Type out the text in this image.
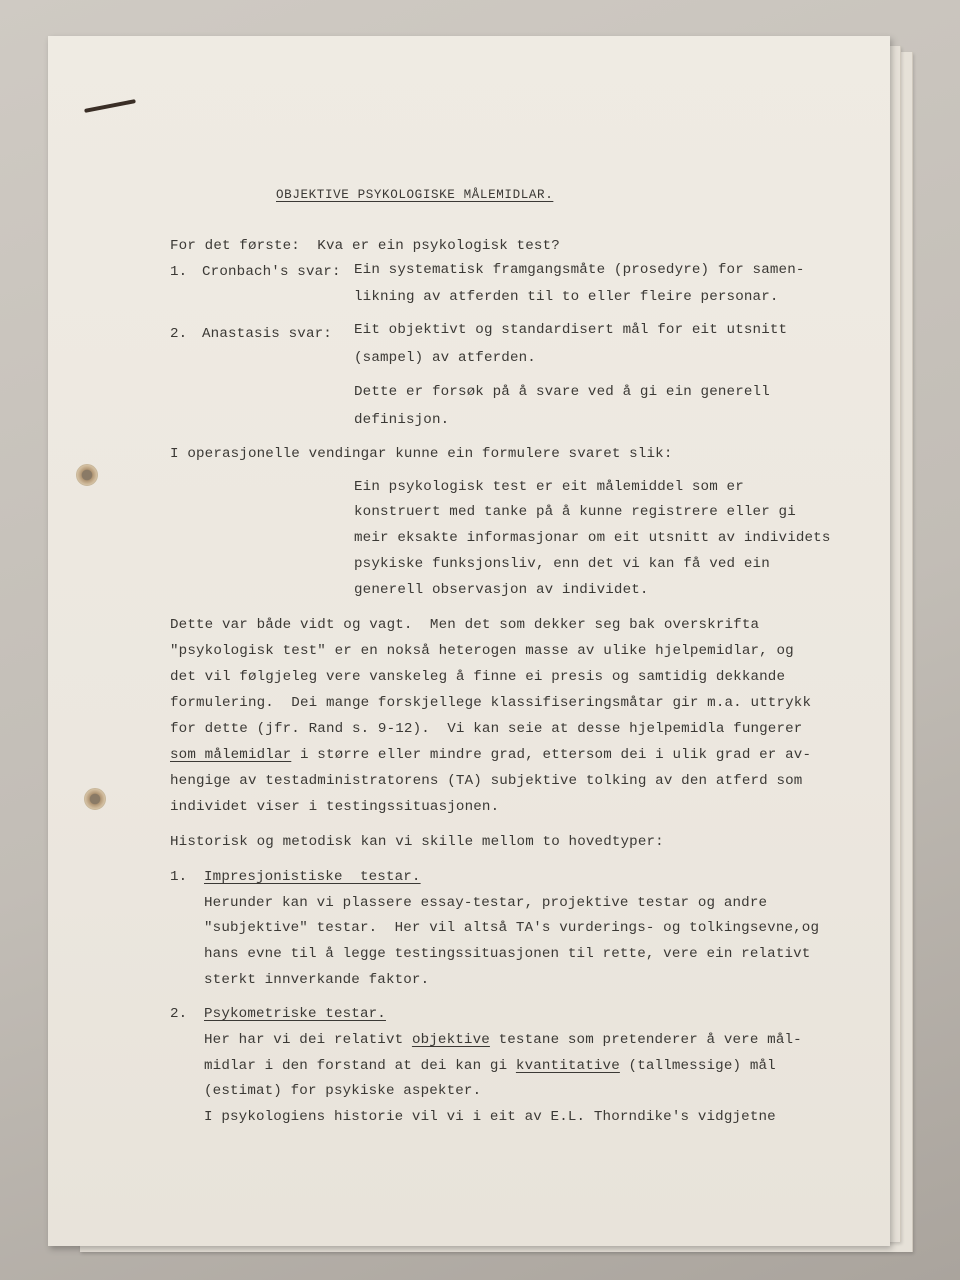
OBJEKTIVE PSYKOLOGISKE MÅLEMIDLAR.
For det første:  Kva er ein psykologisk test?
1. Cronbach's svar: Ein systematisk framgangsmåte (prosedyre) for samen-
likning av atferden til to eller fleire personar.
2. Anastasis svar: Eit objektivt og standardisert mål for eit utsnitt
(sampel) av atferden.
Dette er forsøk på å svare ved å gi ein generell
definisjon.
I operasjonelle vendingar kunne ein formulere svaret slik:
Ein psykologisk test er eit målemiddel som er
konstruert med tanke på å kunne registrere eller gi
meir eksakte informasjonar om eit utsnitt av individets
psykiske funksjonsliv, enn det vi kan få ved ein
generell observasjon av individet.
Dette var både vidt og vagt.  Men det som dekker seg bak overskrifta
"psykologisk test" er en nokså heterogen masse av ulike hjelpemidlar, og
det vil følgjeleg vere vanskeleg å finne ei presis og samtidig dekkande
formulering.  Dei mange forskjellege klassifiseringsmåtar gir m.a. uttrykk
for dette (jfr. Rand s. 9-12).  Vi kan seie at desse hjelpemidla fungerer
som målemidlar i større eller mindre grad, ettersom dei i ulik grad er av-
hengige av testadministratorens (TA) subjektive tolking av den atferd som
individet viser i testingssituasjonen.
Historisk og metodisk kan vi skille mellom to hovedtyper:
1. Impresjonistiske  testar.
Herunder kan vi plassere essay-testar, projektive testar og andre
"subjektive" testar.  Her vil altså TA's vurderings- og tolkingsevne,og
hans evne til å legge testingssituasjonen til rette, vere ein relativt
sterkt innverkande faktor.
2. Psykometriske testar.
Her har vi dei relativt objektive testane som pretenderer å vere mål-
midlar i den forstand at dei kan gi kvantitative (tallmessige) mål
(estimat) for psykiske aspekter.
I psykologiens historie vil vi i eit av E.L. Thorndike's vidgjetne
